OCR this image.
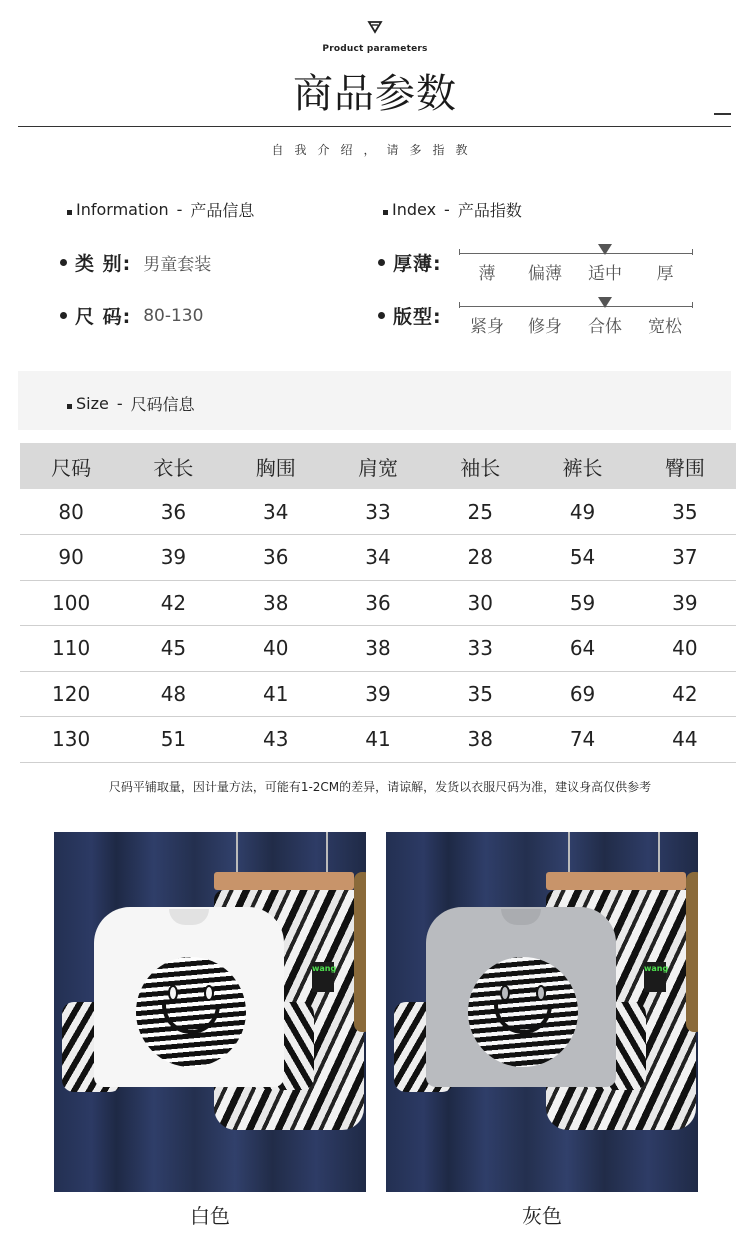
Product parameters
商品参数
自我介绍，请多指教
Information - 产品信息	Index - 产品指数
类 别: 男童套装
尺 码: 80-130
厚薄:	薄	偏薄	适中	厚
版型:	紧身	修身	合体	宽松
Size - 尺码信息
尺码	衣长	胸围	肩宽	袖长	裤长	臀围
80	36	34	33	25	49	35
90	39	36	34	28	54	37
100	42	38	36	30	59	39
110	45	40	38	33	64	40
120	48	41	39	35	69	42
130	51	43	41	38	74	44
尺码平铺取量，因计量方法，可能有1-2CM的差异，请谅解，发货以衣服尺码为准，建议身高仅供参考
wang	wang
白色	灰色
